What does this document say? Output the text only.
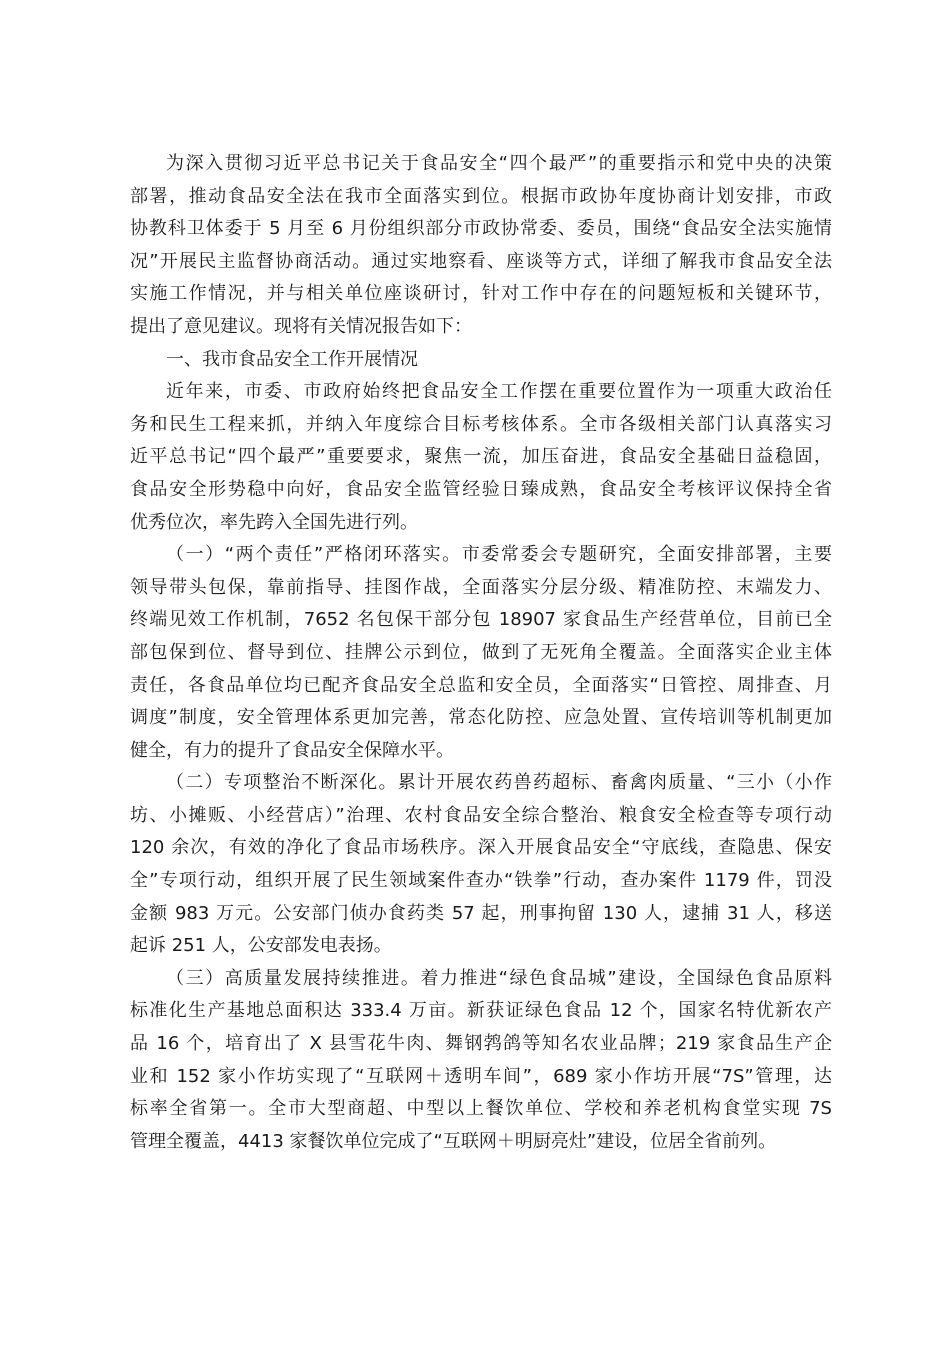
为深入贯彻习近平总书记关于食品安全“四个最严”的重要指示和党中央的决策
部署，推动食品安全法在我市全面落实到位。根据市政协年度协商计划安排，市政
协教科卫体委于 5 月至 6 月份组织部分市政协常委、委员，围绕“食品安全法实施情
况”开展民主监督协商活动。通过实地察看、座谈等方式，详细了解我市食品安全法
实施工作情况，并与相关单位座谈研讨，针对工作中存在的问题短板和关键环节，
提出了意见建议。现将有关情况报告如下：
一、我市食品安全工作开展情况
近年来，市委、市政府始终把食品安全工作摆在重要位置作为一项重大政治任
务和民生工程来抓，并纳入年度综合目标考核体系。全市各级相关部门认真落实习
近平总书记“四个最严”重要要求，聚焦一流，加压奋进，食品安全基础日益稳固，
食品安全形势稳中向好，食品安全监管经验日臻成熟，食品安全考核评议保持全省
优秀位次，率先跨入全国先进行列。
（一）“两个责任”严格闭环落实。市委常委会专题研究，全面安排部署，主要
领导带头包保，靠前指导、挂图作战，全面落实分层分级、精准防控、末端发力、
终端见效工作机制，7652 名包保干部分包 18907 家食品生产经营单位，目前已全
部包保到位、督导到位、挂牌公示到位，做到了无死角全覆盖。全面落实企业主体
责任，各食品单位均已配齐食品安全总监和安全员，全面落实“日管控、周排查、月
调度”制度，安全管理体系更加完善，常态化防控、应急处置、宣传培训等机制更加
健全，有力的提升了食品安全保障水平。
（二）专项整治不断深化。累计开展农药兽药超标、畜禽肉质量、“三小（小作
坊、小摊贩、小经营店）”治理、农村食品安全综合整治、粮食安全检查等专项行动
120 余次，有效的净化了食品市场秩序。深入开展食品安全“守底线，查隐患、保安
全”专项行动，组织开展了民生领域案件查办“铁拳”行动，查办案件 1179 件，罚没
金额 983 万元。公安部门侦办食药类 57 起，刑事拘留 130 人，逮捕 31 人，移送
起诉 251 人，公安部发电表扬。
（三）高质量发展持续推进。着力推进“绿色食品城”建设，全国绿色食品原料
标准化生产基地总面积达 333.4 万亩。新获证绿色食品 12 个，国家名特优新农产
品 16 个，培育出了 X 县雪花牛肉、舞钢鹁鸽等知名农业品牌；219 家食品生产企
业和 152 家小作坊实现了“互联网＋透明车间”，689 家小作坊开展“7S”管理，达
标率全省第一。全市大型商超、中型以上餐饮单位、学校和养老机构食堂实现 7S
管理全覆盖，4413 家餐饮单位完成了“互联网＋明厨亮灶”建设，位居全省前列。
